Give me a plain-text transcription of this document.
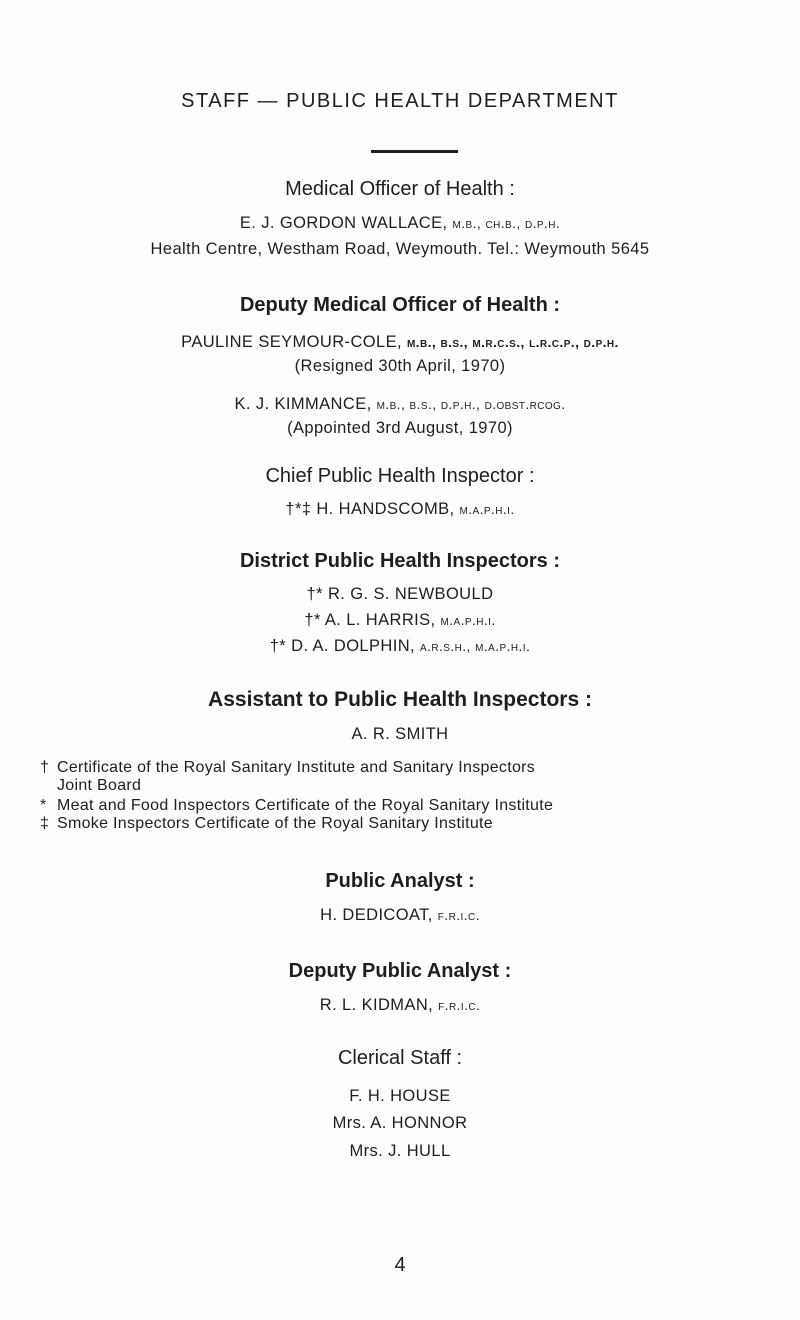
STAFF — PUBLIC HEALTH DEPARTMENT
Medical Officer of Health :
E. J. GORDON WALLACE, m.b., ch.b., d.p.h.
Health Centre, Westham Road, Weymouth. Tel.: Weymouth 5645
Deputy Medical Officer of Health :
PAULINE SEYMOUR-COLE, m.b., b.s., m.r.c.s., l.r.c.p., d.p.h.
(Resigned 30th April, 1970)
K. J. KIMMANCE, m.b., b.s., d.p.h., d.obst.rcog.
(Appointed 3rd August, 1970)
Chief Public Health Inspector :
†*‡ H. HANDSCOMB, m.a.p.h.i.
District Public Health Inspectors :
†* R. G. S. NEWBOULD
†* A. L. HARRIS, m.a.p.h.i.
†* D. A. DOLPHIN, a.r.s.h., m.a.p.h.i.
Assistant to Public Health Inspectors :
A. R. SMITH
† Certificate of the Royal Sanitary Institute and Sanitary Inspectors
Joint Board
* Meat and Food Inspectors Certificate of the Royal Sanitary Institute
‡ Smoke Inspectors Certificate of the Royal Sanitary Institute
Public Analyst :
H. DEDICOAT, f.r.i.c.
Deputy Public Analyst :
R. L. KIDMAN, f.r.i.c.
Clerical Staff :
F. H. HOUSE
Mrs. A. HONNOR
Mrs. J. HULL
4
